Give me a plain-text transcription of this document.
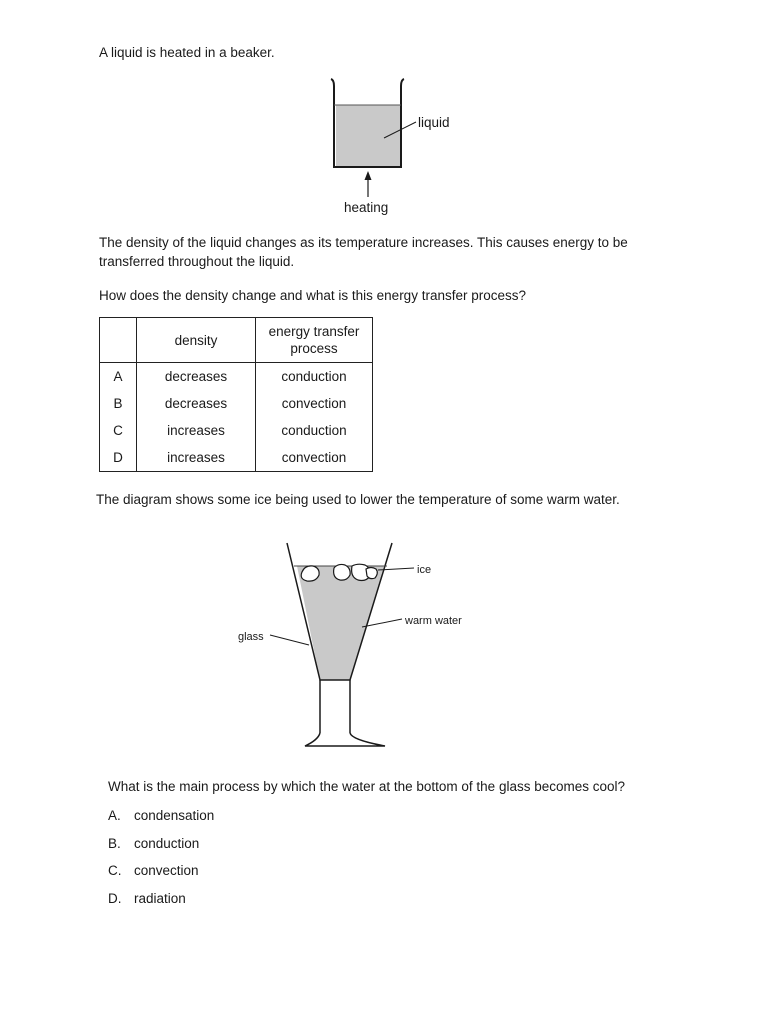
A liquid is heated in a beaker.
liquid
heating
The density of the liquid changes as its temperature increases. This causes energy to be
transferred throughout the liquid.
How does the density change and what is this energy transfer process?
	density	energy transfer process

A	decreases	conduction
B	decreases	convection
C	increases	conduction
D	increases	convection
The diagram shows some ice being used to lower the temperature of some warm water.
ice
warm water
glass
What is the main process by which the water at the bottom of the glass becomes cool?
A. condensation
B. conduction
C. convection
D. radiation
